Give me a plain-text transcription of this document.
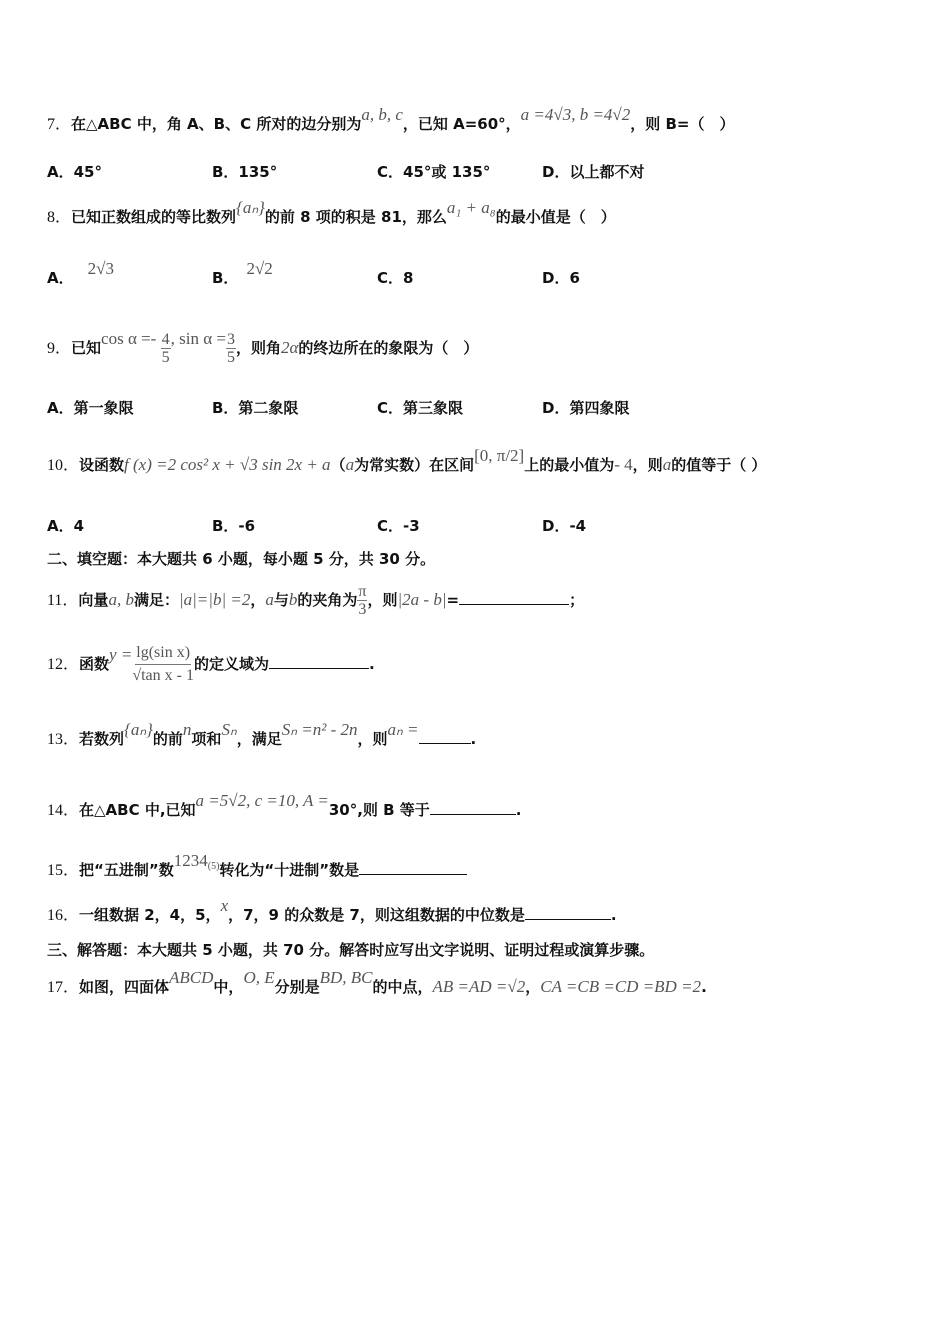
7．在△ABC 中，角 A、B、C 所对的边分别为a, b, c，已知 A=60°，a =4√3, b =4√2，则 B=（　）
A．45°	B．135°	C．45°或 135°	D．以上都不对
8．已知正数组成的等比数列{aₙ}的前 8 项的积是 81，那么a₁ + a₈的最小值是（　）
A． 2√3	B． 2√2	C．8	D．6
9．已知$\cos \alpha =- \frac{4}{5}$ , $\sin \alpha = \frac{3}{5}$ ，则角2α的终边所在的象限为（　）
A．第一象限	B．第二象限	C．第三象限	D．第四象限
10．设函数f (x) =2 cos² x + √3 sin 2x + a（a为常实数）在区间[0, π/2]上的最小值为- 4，则a的值等于（ ）
A．4	B．-6	C．-3	D．-4
二、填空题：本大题共 6 小题，每小题 5 分，共 30 分。
11．向量a, b满足：|a|=|b| =2，a与b的夹角为 $\frac{\pi}{3}$ ，则|2a - b|=	；
12．函数$y = \frac{\text{lg(sin x)}}{\text{√tan x - 1}}$ 的定义域为	.
13．若数列{aₙ}的前n项和Sₙ，满足Sₙ =n² - 2n，则aₙ =	.
14．在△ABC 中,已知a =5√2, c =10, A =30°,则 B 等于	.
15．把“五进制”数1234$^{(5)}$转化为“十进制”数是
16．一组数据 2，4，5，x，7，9 的众数是 7，则这组数据的中位数是	.
三、解答题：本大题共 5 小题，共 70 分。解答时应写出文字说明、证明过程或演算步骤。
17．如图，四面体ABCD中，O, E分别是BD, BC的中点，AB =AD =√2，CA =CB =CD =BD =2.
